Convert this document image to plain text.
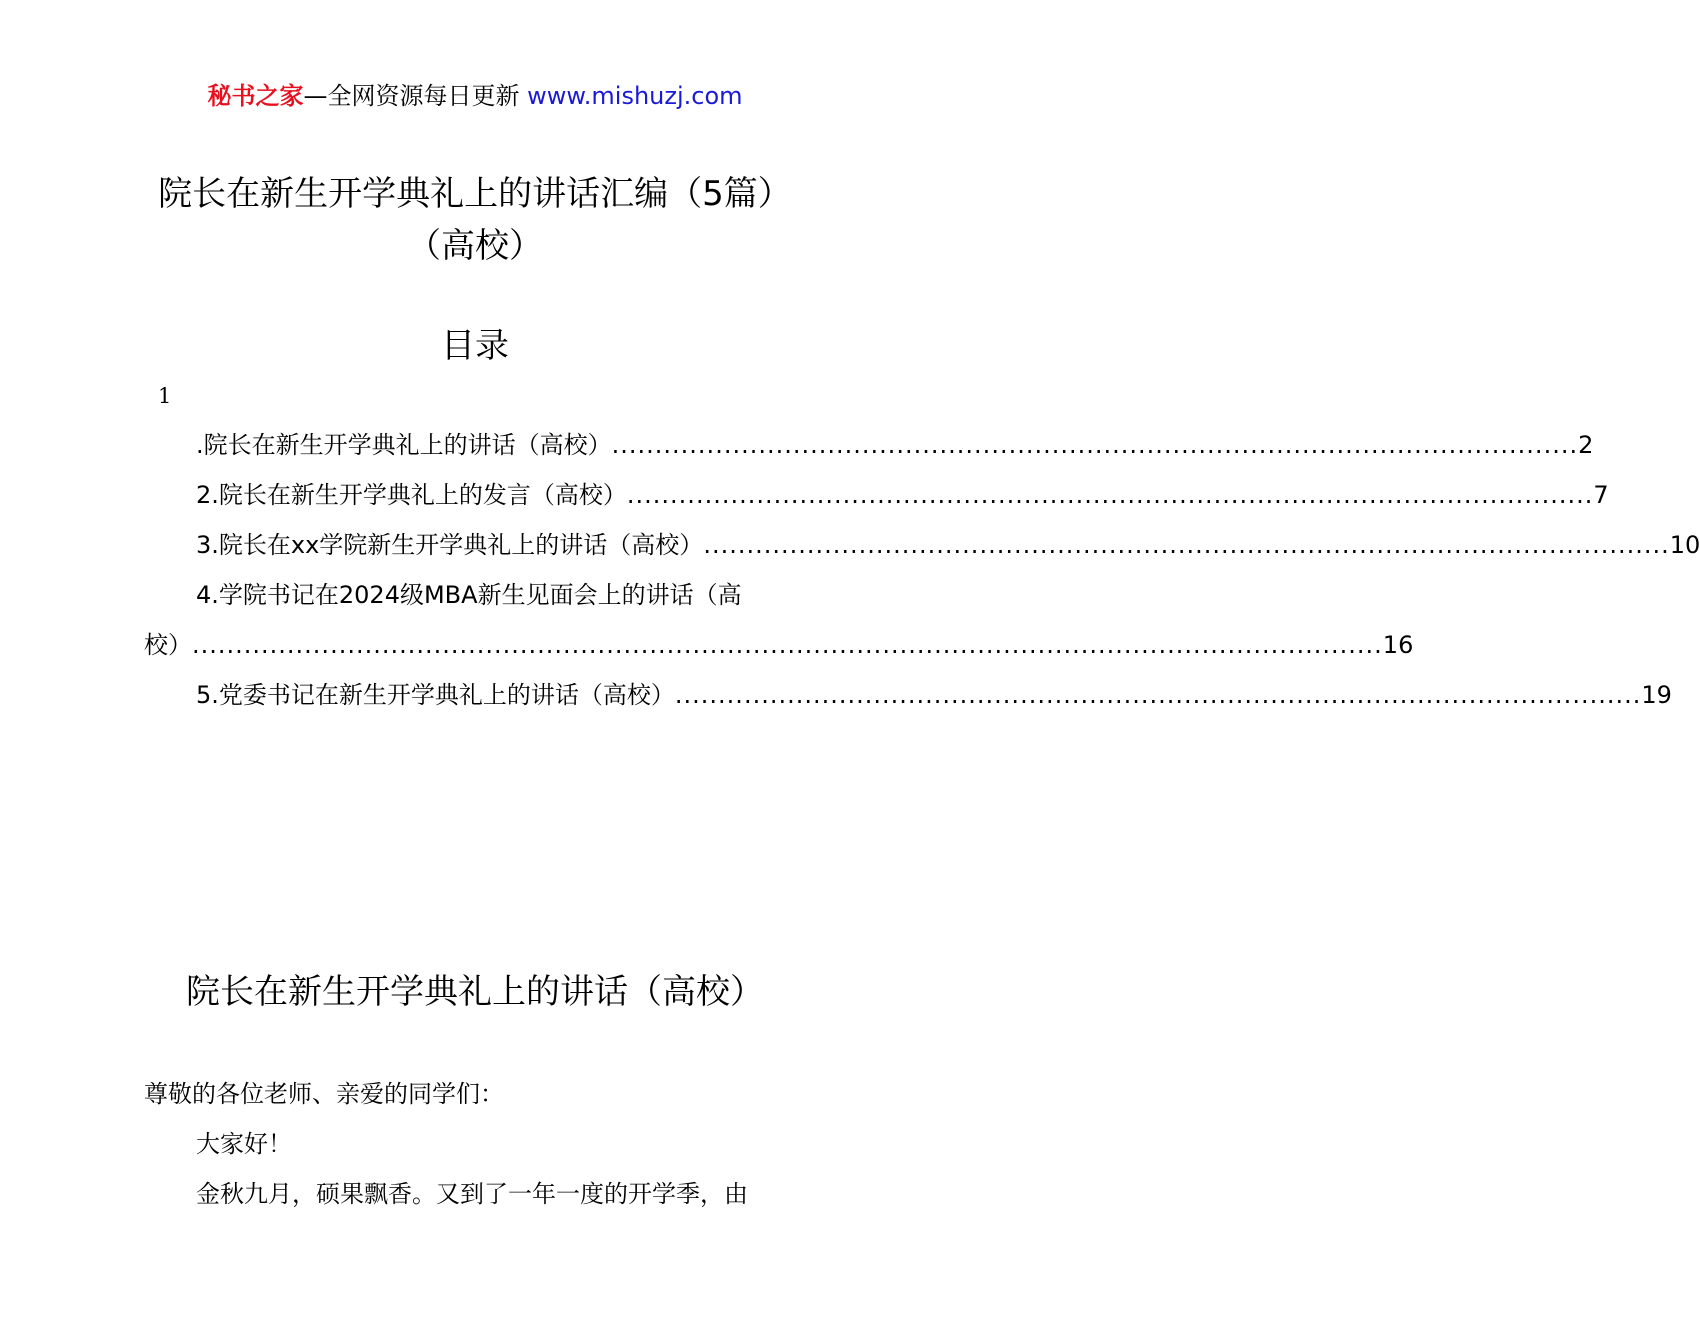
秘书之家—全网资源每日更新 www.mishuzj.com
院长在新生开学典礼上的讲话汇编（5篇）
（高校）
目录
1
.院长在新生开学典礼上的讲话（高校） ................................................................................................................ 2
2.院长在新生开学典礼上的发言（高校） ................................................................................................................ 7
3.院长在xx学院新生开学典礼上的讲话（高校） ................................................................................................................ 10
4.学院书记在2024级MBA新生见面会上的讲话（高
校） .......................................................................................................................................... 16
5.党委书记在新生开学典礼上的讲话（高校） ................................................................................................................ 19
院长在新生开学典礼上的讲话（高校）
尊敬的各位老师、亲爱的同学们：
大家好！
金秋九月，硕果飘香。又到了一年一度的开学季，由
